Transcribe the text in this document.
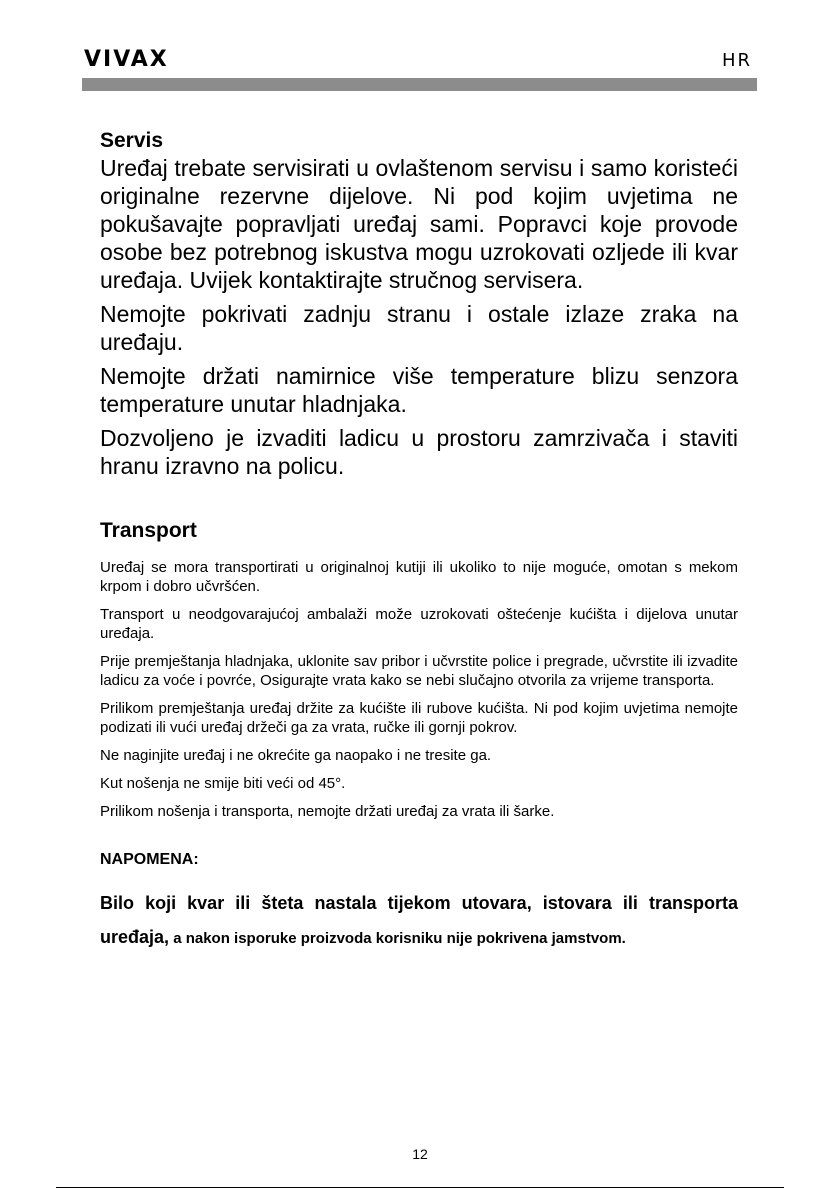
VIVAX	HR
Servis

Uređaj trebate servisirati u ovlaštenom servisu i samo koristeći originalne rezervne dijelove. Ni pod kojim uvjetima ne pokušavajte popravljati uređaj sami. Popravci koje provode osobe bez potrebnog iskustva mogu uzrokovati ozljede ili kvar uređaja. Uvijek kontaktirajte stručnog servisera.

Nemojte pokrivati zadnju stranu i ostale izlaze zraka na uređaju.

Nemojte držati namirnice više temperature blizu senzora temperature unutar hladnjaka.

Dozvoljeno je izvaditi ladicu u prostoru zamrzivača i staviti hranu izravno na policu.

Transport

Uređaj se mora transportirati u originalnoj kutiji ili ukoliko to nije moguće, omotan s mekom krpom i dobro učvršćen.

Transport u neodgovarajućoj ambalaži može uzrokovati oštećenje kućišta i dijelova unutar uređaja.

Prije premještanja hladnjaka, uklonite sav pribor i učvrstite police i pregrade, učvrstite ili izvadite ladicu za voće i povrće, Osigurajte vrata kako se nebi slučajno otvorila za vrijeme transporta.

Prilikom premještanja uređaj držite za kućište ili rubove kućišta. Ni pod kojim uvjetima nemojte podizati ili vući uređaj držeči ga za vrata, ručke ili gornji pokrov.

Ne naginjite uređaj i ne okrećite ga naopako i ne tresite ga.

Kut nošenja ne smije biti veći od 45°.

Prilikom nošenja i transporta, nemojte držati uređaj za vrata ili šarke.

NAPOMENA:

Bilo koji kvar ili šteta nastala tijekom utovara, istovara ili transporta uređaja, a nakon isporuke proizvoda korisniku nije pokrivena jamstvom.

12
